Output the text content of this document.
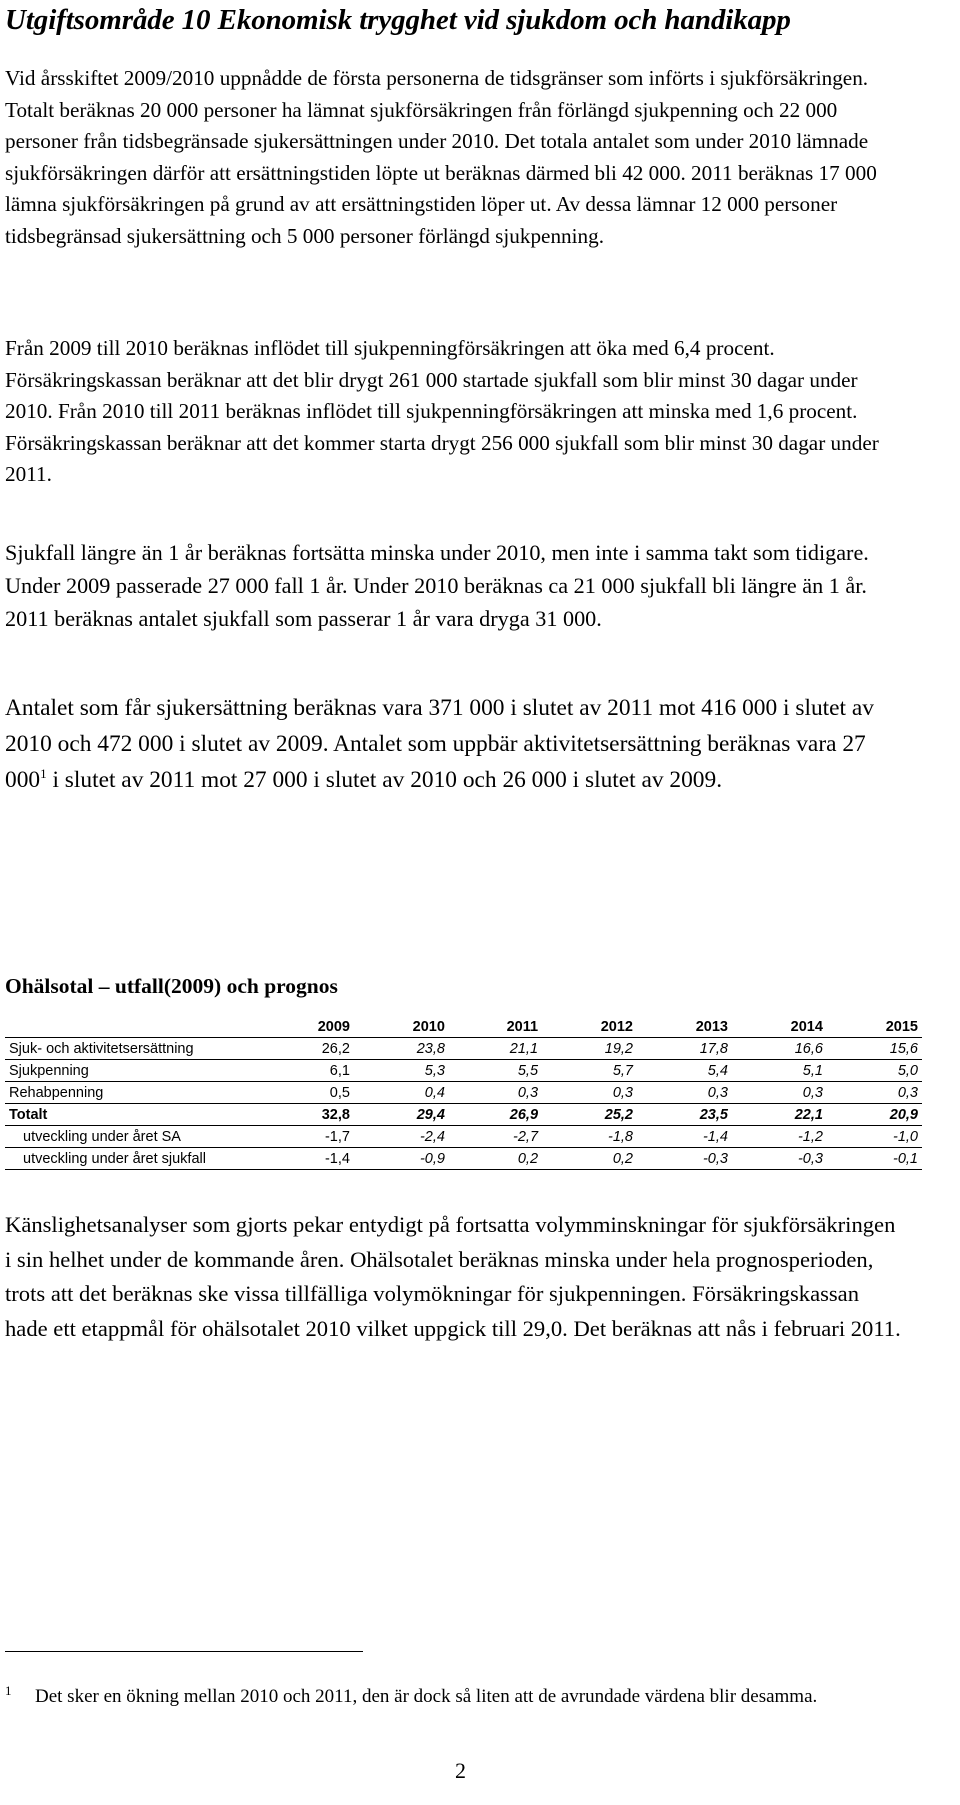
Utgiftsområde 10 Ekonomisk trygghet vid sjukdom och handikapp

Vid årsskiftet 2009/2010 uppnådde de första personerna de tidsgränser som införts i sjukförsäkringen. Totalt beräknas 20 000 personer ha lämnat sjukförsäkringen från förlängd sjukpenning och 22 000 personer från tidsbegränsade sjukersättningen under 2010. Det totala antalet som under 2010 lämnade sjukförsäkringen därför att ersättningstiden löpte ut beräknas därmed bli 42 000. 2011 beräknas 17 000 lämna sjukförsäkringen på grund av att ersättningstiden löper ut. Av dessa lämnar 12 000 personer tidsbegränsad sjukersättning och 5 000 personer förlängd sjukpenning.

Från 2009 till 2010 beräknas inflödet till sjukpenningförsäkringen att öka med 6,4 procent. Försäkringskassan beräknar att det blir drygt 261 000 startade sjukfall som blir minst 30 dagar under 2010. Från 2010 till 2011 beräknas inflödet till sjukpenningförsäkringen att minska med 1,6 procent. Försäkringskassan beräknar att det kommer starta drygt 256 000 sjukfall som blir minst 30 dagar under 2011.

Sjukfall längre än 1 år beräknas fortsätta minska under 2010, men inte i samma takt som tidigare. Under 2009 passerade 27 000 fall 1 år. Under 2010 beräknas ca 21 000 sjukfall bli längre än 1 år. 2011 beräknas antalet sjukfall som passerar 1 år vara dryga 31 000.

Antalet som får sjukersättning beräknas vara 371 000 i slutet av 2011 mot 416 000 i slutet av 2010 och 472 000 i slutet av 2009. Antalet som uppbär aktivitetsersättning beräknas vara 27 $000^1$ i slutet av 2011 mot 27 000 i slutet av 2010 och 26 000 i slutet av 2009.

Ohälsotal – utfall(2009) och prognos
	2009	2010	2011	2012	2013	2014	2015
Sjuk- och aktivitetsersättning	26,2	23,8	21,1	19,2	17,8	16,6	15,6
Sjukpenning	6,1	5,3	5,5	5,7	5,4	5,1	5,0
Rehabpenning	0,5	0,4	0,3	0,3	0,3	0,3	0,3
Totalt	32,8	29,4	26,9	25,2	23,5	22,1	20,9
utveckling under året SA	-1,7	-2,4	-2,7	-1,8	-1,4	-1,2	-1,0
utveckling under året sjukfall	-1,4	-0,9	0,2	0,2	-0,3	-0,3	-0,1

Känslighetsanalyser som gjorts pekar entydigt på fortsatta volymminskningar för sjukförsäkringen i sin helhet under de kommande åren. Ohälsotalet beräknas minska under hela prognosperioden, trots att det beräknas ske vissa tillfälliga volymökningar för sjukpenningen. Försäkringskassan hade ett etappmål för ohälsotalet 2010 vilket uppgick till 29,0. Det beräknas att nås i februari 2011.

1	Det sker en ökning mellan 2010 och 2011, den är dock så liten att de avrundade värdena blir desamma.
2
